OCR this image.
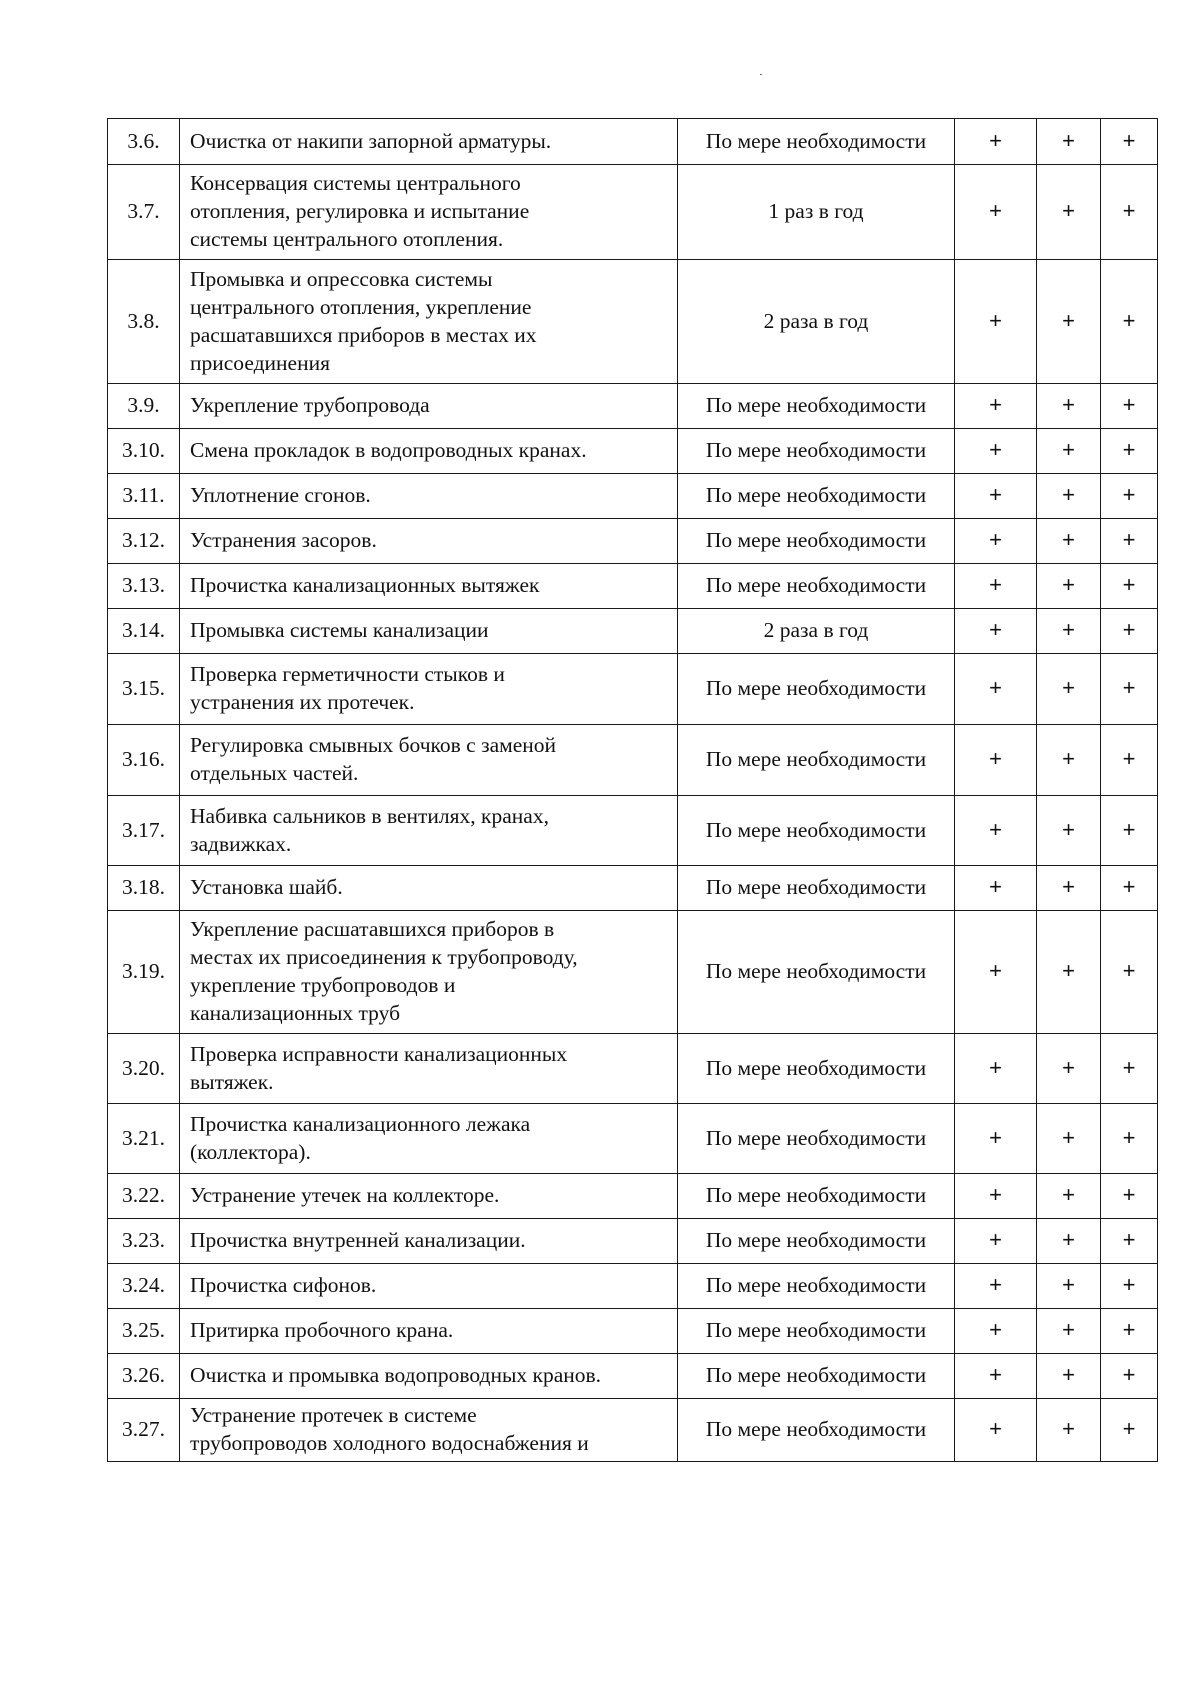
3.6.	Очистка от накипи запорной арматуры.	По мере необходимости	+	+	+
3.7.	Консервация системы центрального
отопления, регулировка и испытание
системы центрального отопления.	1 раз в год	+	+	+
3.8.	Промывка и опрессовка системы
центрального отопления, укрепление
расшатавшихся приборов в местах их
присоединения	2 раза в год	+	+	+
3.9.	Укрепление трубопровода	По мере необходимости	+	+	+
3.10.	Смена прокладок в водопроводных кранах.	По мере необходимости	+	+	+
3.11.	Уплотнение сгонов.	По мере необходимости	+	+	+
3.12.	Устранения засоров.	По мере необходимости	+	+	+
3.13.	Прочистка канализационных вытяжек	По мере необходимости	+	+	+
3.14.	Промывка системы канализации	2 раза в год	+	+	+
3.15.	Проверка герметичности стыков и
устранения их протечек.	По мере необходимости	+	+	+
3.16.	Регулировка смывных бочков с заменой
отдельных частей.	По мере необходимости	+	+	+
3.17.	Набивка сальников в вентилях, кранах,
задвижках.	По мере необходимости	+	+	+
3.18.	Установка шайб.	По мере необходимости	+	+	+
3.19.	Укрепление расшатавшихся приборов в
местах их присоединения к трубопроводу,
укрепление трубопроводов и
канализационных труб	По мере необходимости	+	+	+
3.20.	Проверка исправности канализационных
вытяжек.	По мере необходимости	+	+	+
3.21.	Прочистка канализационного лежака
(коллектора).	По мере необходимости	+	+	+
3.22.	Устранение утечек на коллекторе.	По мере необходимости	+	+	+
3.23.	Прочистка внутренней канализации.	По мере необходимости	+	+	+
3.24.	Прочистка сифонов.	По мере необходимости	+	+	+
3.25.	Притирка пробочного крана.	По мере необходимости	+	+	+
3.26.	Очистка и промывка водопроводных кранов.	По мере необходимости	+	+	+
3.27.	Устранение протечек в системе
трубопроводов холодного водоснабжения и	По мере необходимости	+	+	+
